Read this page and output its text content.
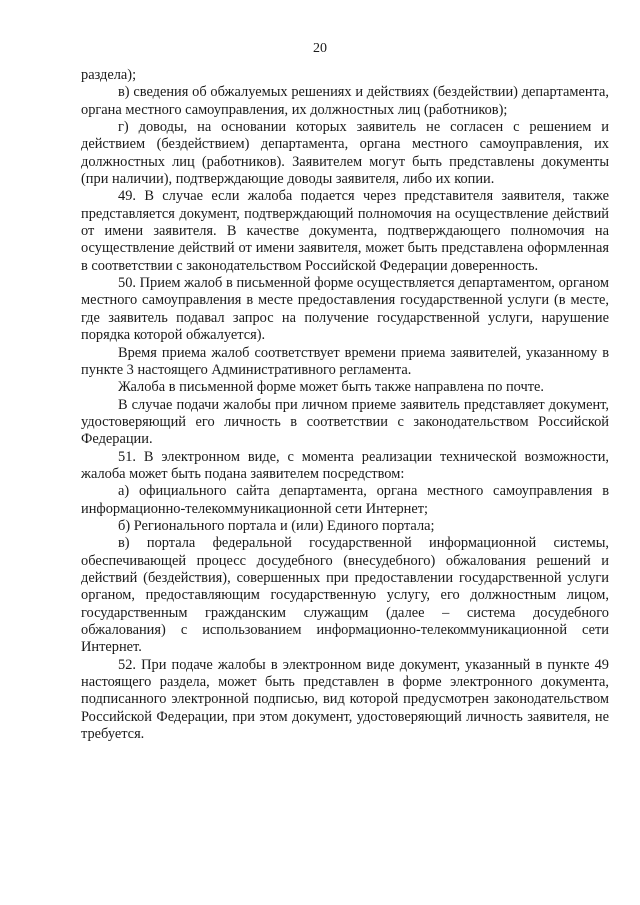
20

раздела);

в) сведения об обжалуемых решениях и действиях (бездействии) департамента, органа местного самоуправления, их должностных лиц (работников);

г) доводы, на основании которых заявитель не согласен с решением и действием (бездействием) департамента, органа местного самоуправления, их должностных лиц (работников). Заявителем могут быть представлены документы (при наличии), подтверждающие доводы заявителя, либо их копии.

49. В случае если жалоба подается через представителя заявителя, также представляется документ, подтверждающий полномочия на осуществление действий от имени заявителя. В качестве документа, подтверждающего полномочия на осуществление действий от имени заявителя, может быть представлена оформленная в соответствии с законодательством Российской Федерации доверенность.

50. Прием жалоб в письменной форме осуществляется департаментом, органом местного самоуправления в месте предоставления государственной услуги (в месте, где заявитель подавал запрос на получение государственной услуги, нарушение порядка которой обжалуется).

Время приема жалоб соответствует времени приема заявителей, указанному в пункте 3 настоящего Административного регламента.

Жалоба в письменной форме может быть также направлена по почте.

В случае подачи жалобы при личном приеме заявитель представляет документ, удостоверяющий его личность в соответствии с законодательством Российской Федерации.

51. В электронном виде, с момента реализации технической возможности, жалоба может быть подана заявителем посредством:

а) официального сайта департамента, органа местного самоуправления в информационно-телекоммуникационной сети Интернет;

б) Регионального портала и (или) Единого портала;

в) портала федеральной государственной информационной системы, обеспечивающей процесс досудебного (внесудебного) обжалования решений и действий (бездействия), совершенных при предоставлении государственной услуги органом, предоставляющим государственную услугу, его должностным лицом, государственным гражданским служащим (далее – система досудебного обжалования) с использованием информационно-телекоммуникационной сети Интернет.

52. При подаче жалобы в электронном виде документ, указанный в пункте 49 настоящего раздела, может быть представлен в форме электронного документа, подписанного электронной подписью, вид которой предусмотрен законодательством Российской Федерации, при этом документ, удостоверяющий личность заявителя, не требуется.
